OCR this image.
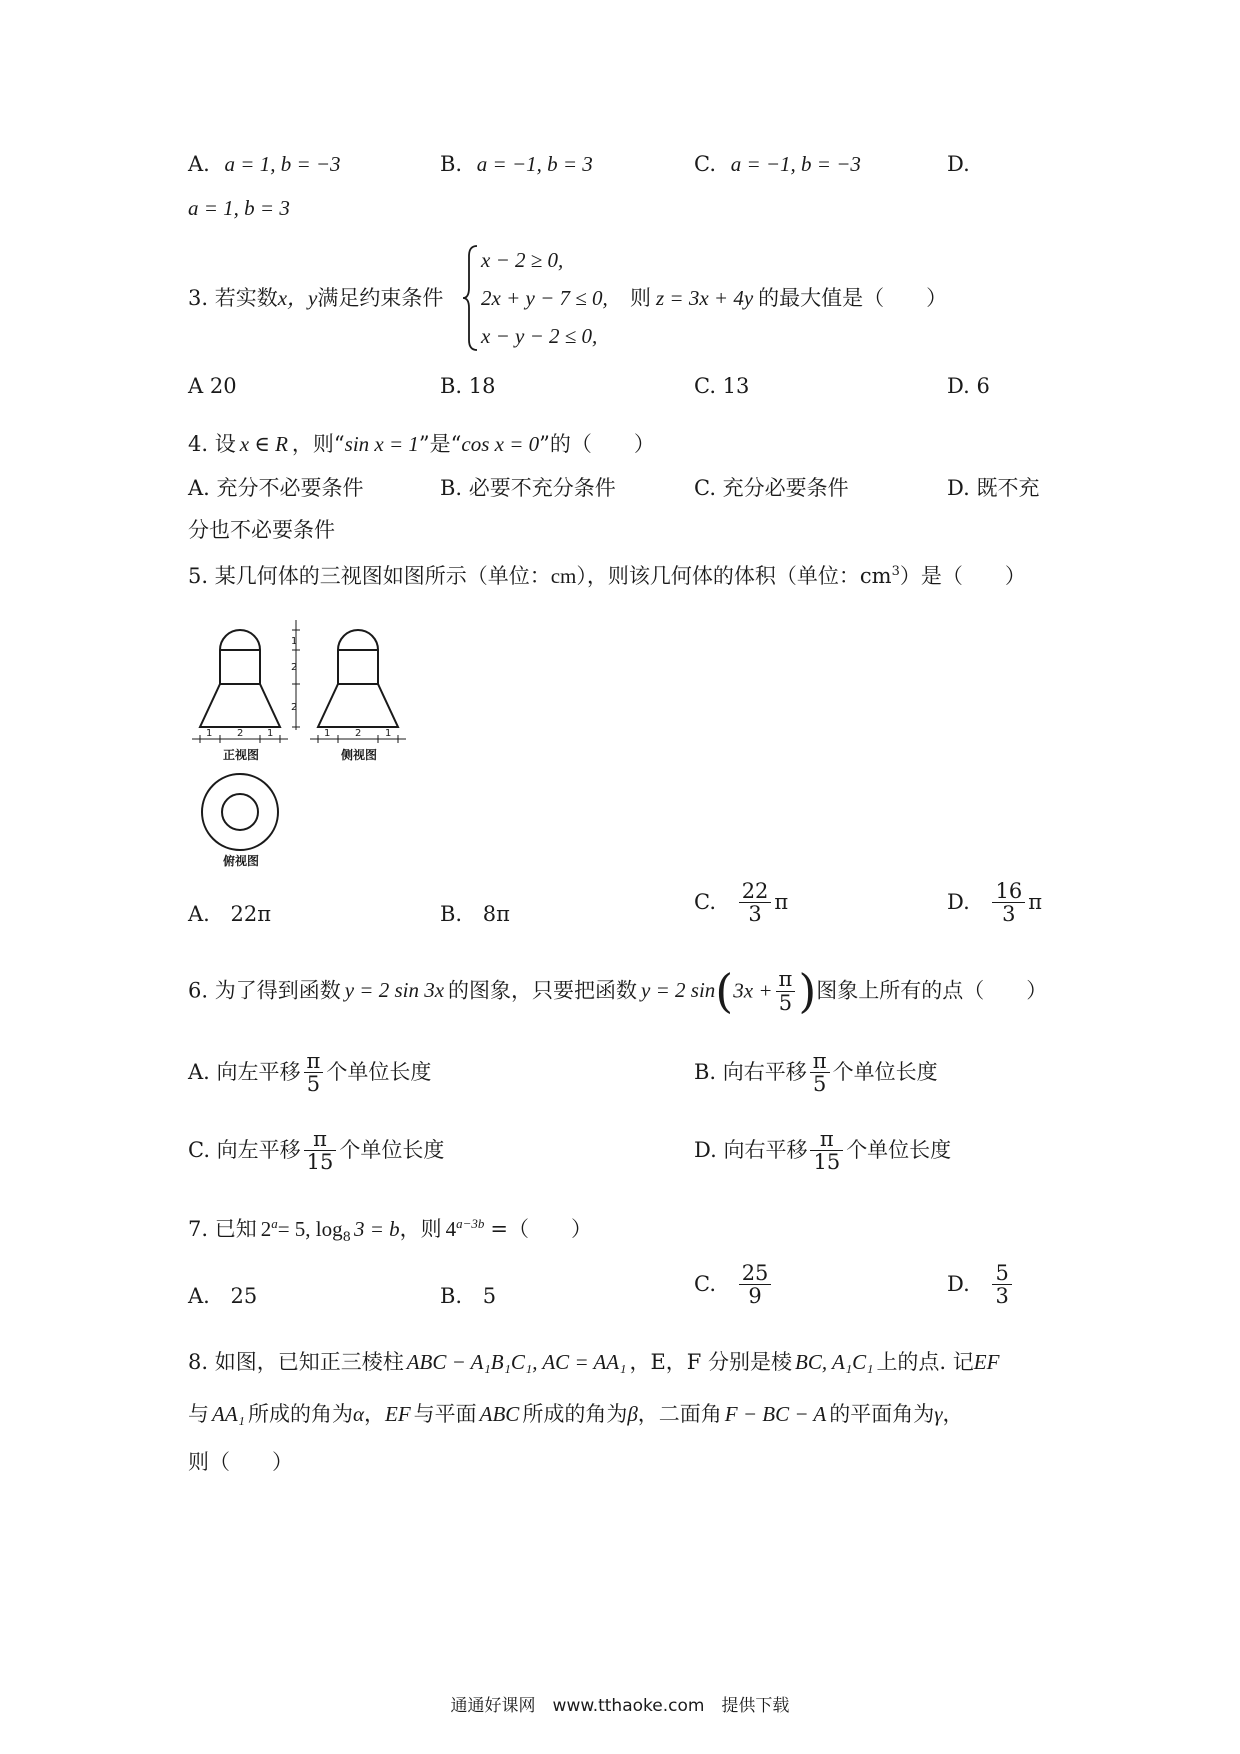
A. a = 1, b = −3	B. a = −1, b = 3	C. a = −1, b = −3	D.
a = 1, b = 3
3. 若实数x，y满足约束条件
x − 2 ≥ 0,
2x + y − 7 ≤ 0,
x − y − 2 ≤ 0,
则 z = 3x + 4y 的最大值是（　　）
A 20	B. 18	C. 13	D. 6
4. 设 x ∈ R ，则“sin x = 1”是“cos x = 0”的（　　）
A. 充分不必要条件	B. 必要不充分条件	C. 充分必要条件	D. 既不充
分也不必要条件
5. 某几何体的三视图如图所示（单位：cm），则该几何体的体积（单位：$cm^3$）是（　　）
1
2
2
1 2 1	1 2 1
正视图	侧视图
俯视图
A. 22π	B. 8π
C. $\frac{22}{3}$ π	D. $\frac{16}{3}$ π
6. 为了得到函数 y = 2 sin 3x 的图象，只要把函数 y = 2 $\sin(3x + \frac{\pi}{5}$ )图象上所有的点（　　）
A. 向左平移 $\frac{\pi}{5}$ 个单位长度	B. 向右平移 $\frac{\pi}{5}$ 个单位长度
C. 向左平移 $\frac{\pi}{15}$ 个单位长度	D. 向右平移 $\frac{\pi}{15}$ 个单位长度
7. 已知 $2^a= 5$, $\log_8 3 = b$，则 $4^{a-3b}$ =（　　）
A. 25	B. 5
C. $\frac{25}{9}$	D. $\frac{5}{3}$
8. 如图，已知正三棱柱 ABC − A₁B₁C₁, AC = AA₁ ，E，F 分别是棱 BC, A₁C₁ 上的点. 记EF
与 AA₁ 所成的角为α，EF 与平面 ABC 所成的角为β，二面角 F − BC − A 的平面角为γ，
则（　　）
通通好课网　www.tthaoke.com　提供下载
